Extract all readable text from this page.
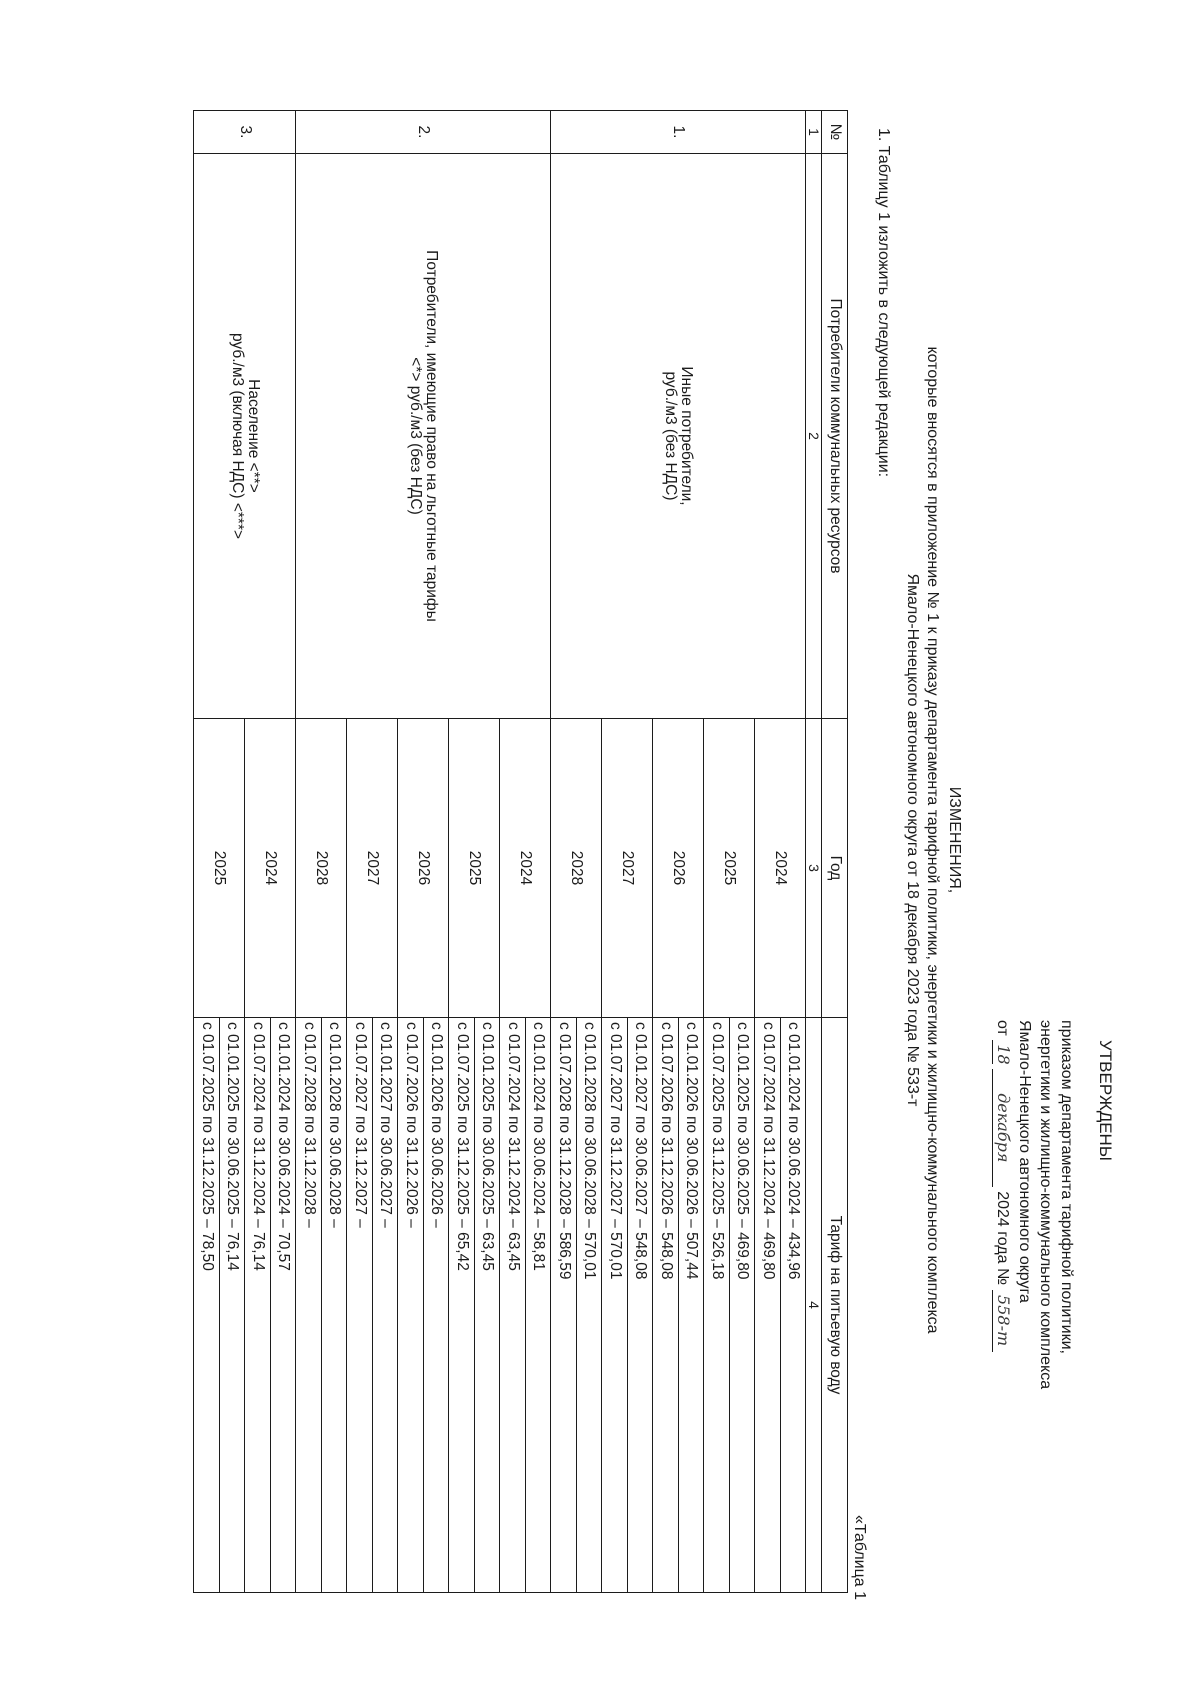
УТВЕРЖДЕНЫ
приказом департамента тарифной политики,
энергетики и жилищно-коммунального комплекса
Ямало-Ненецкого автономного округа
от 18 декабря 2024 года № 558-т
ИЗМЕНЕНИЯ,
которые вносятся в приложение № 1 к приказу департамента тарифной политики, энергетики и жилищно-коммунального комплекса
Ямало-Ненецкого автономного округа от 18 декабря 2023 года № 533-т
1. Таблицу 1 изложить в следующей редакции:
«Таблица 1
№	Потребители коммунальных ресурсов	Год	Тариф на питьевую воду
1	2	3	4
1.	Иные потребители,
руб./м3 (без НДС)	2024	с 01.01.2024 по 30.06.2024 – 434,96
			с 01.07.2024 по 31.12.2024 – 469,80
		2025	с 01.01.2025 по 30.06.2025 – 469,80
			с 01.07.2025 по 31.12.2025 – 526,18
		2026	с 01.01.2026 по 30.06.2026 – 507,44
			с 01.07.2026 по 31.12.2026 – 548,08
		2027	с 01.01.2027 по 30.06.2027 – 548,08
			с 01.07.2027 по 31.12.2027 – 570,01
		2028	с 01.01.2028 по 30.06.2028 – 570,01
			с 01.07.2028 по 31.12.2028 – 586,59
2.	Потребители, имеющие право на льготные тарифы
<*> руб./м3 (без НДС)	2024	с 01.01.2024 по 30.06.2024 – 58,81
			с 01.07.2024 по 31.12.2024 – 63,45
		2025	с 01.01.2025 по 30.06.2025 – 63,45
			с 01.07.2025 по 31.12.2025 – 65,42
		2026	с 01.01.2026 по 30.06.2026 –
			с 01.07.2026 по 31.12.2026 –
		2027	с 01.01.2027 по 30.06.2027 –
			с 01.07.2027 по 31.12.2027 –
		2028	с 01.01.2028 по 30.06.2028 –
			с 01.07.2028 по 31.12.2028 –
3.	Население <**>
руб./м3 (включая НДС) <***>	2024	с 01.01.2024 по 30.06.2024 – 70,57
			с 01.07.2024 по 31.12.2024 – 76,14
		2025	с 01.01.2025 по 30.06.2025 – 76,14
			с 01.07.2025 по 31.12.2025 – 78,50
